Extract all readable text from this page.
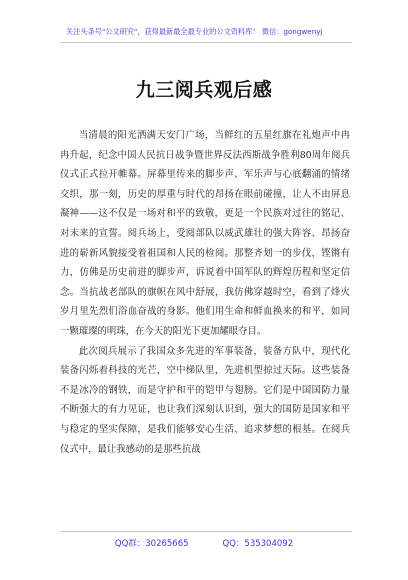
关注头条号"公文研究"，获得最新最全最专业的公文资料库！ 微信：gongwenyj
九三阅兵观后感

当清晨的阳光洒满天安门广场，当鲜红的五星红旗在礼炮声中冉冉升起，纪念中国人民抗日战争暨世界反法西斯战争胜利80周年阅兵仪式正式拉开帷幕。屏幕里传来的脚步声、军乐声与心底翻涌的情绪交织，那一刻，历史的厚重与时代的昂扬在眼前碰撞，让人不由屏息凝神——这不仅是一场对和平的致敬，更是一个民族对过往的铭记、对未来的宣誓。阅兵场上，受阅部队以威武雄壮的强大阵容、昂扬奋进的崭新风貌接受着祖国和人民的检阅。那整齐划一的步伐，铿锵有力，仿佛是历史前进的脚步声，诉说着中国军队的辉煌历程和坚定信念。当抗战老部队的旗帜在风中舒展，我仿佛穿越时空，看到了烽火岁月里先烈们浴血奋战的身影。他们用生命和鲜血换来的和平，如同一颗璀璨的明珠，在今天的阳光下更加耀眼夺目。

此次阅兵展示了我国众多先进的军事装备，装备方队中，现代化装备闪烁着科技的光芒，空中梯队里，先进机型掠过天际。这些装备不是冰冷的钢铁，而是守护和平的铠甲与翅膀。它们是中国国防力量不断强大的有力见证，也让我们深刻认识到，强大的国防是国家和平与稳定的坚实保障，是我们能够安心生活、追求梦想的根基。在阅兵仪式中，最让我感动的是那些抗战

QQ群：30265665	QQ：535304092
